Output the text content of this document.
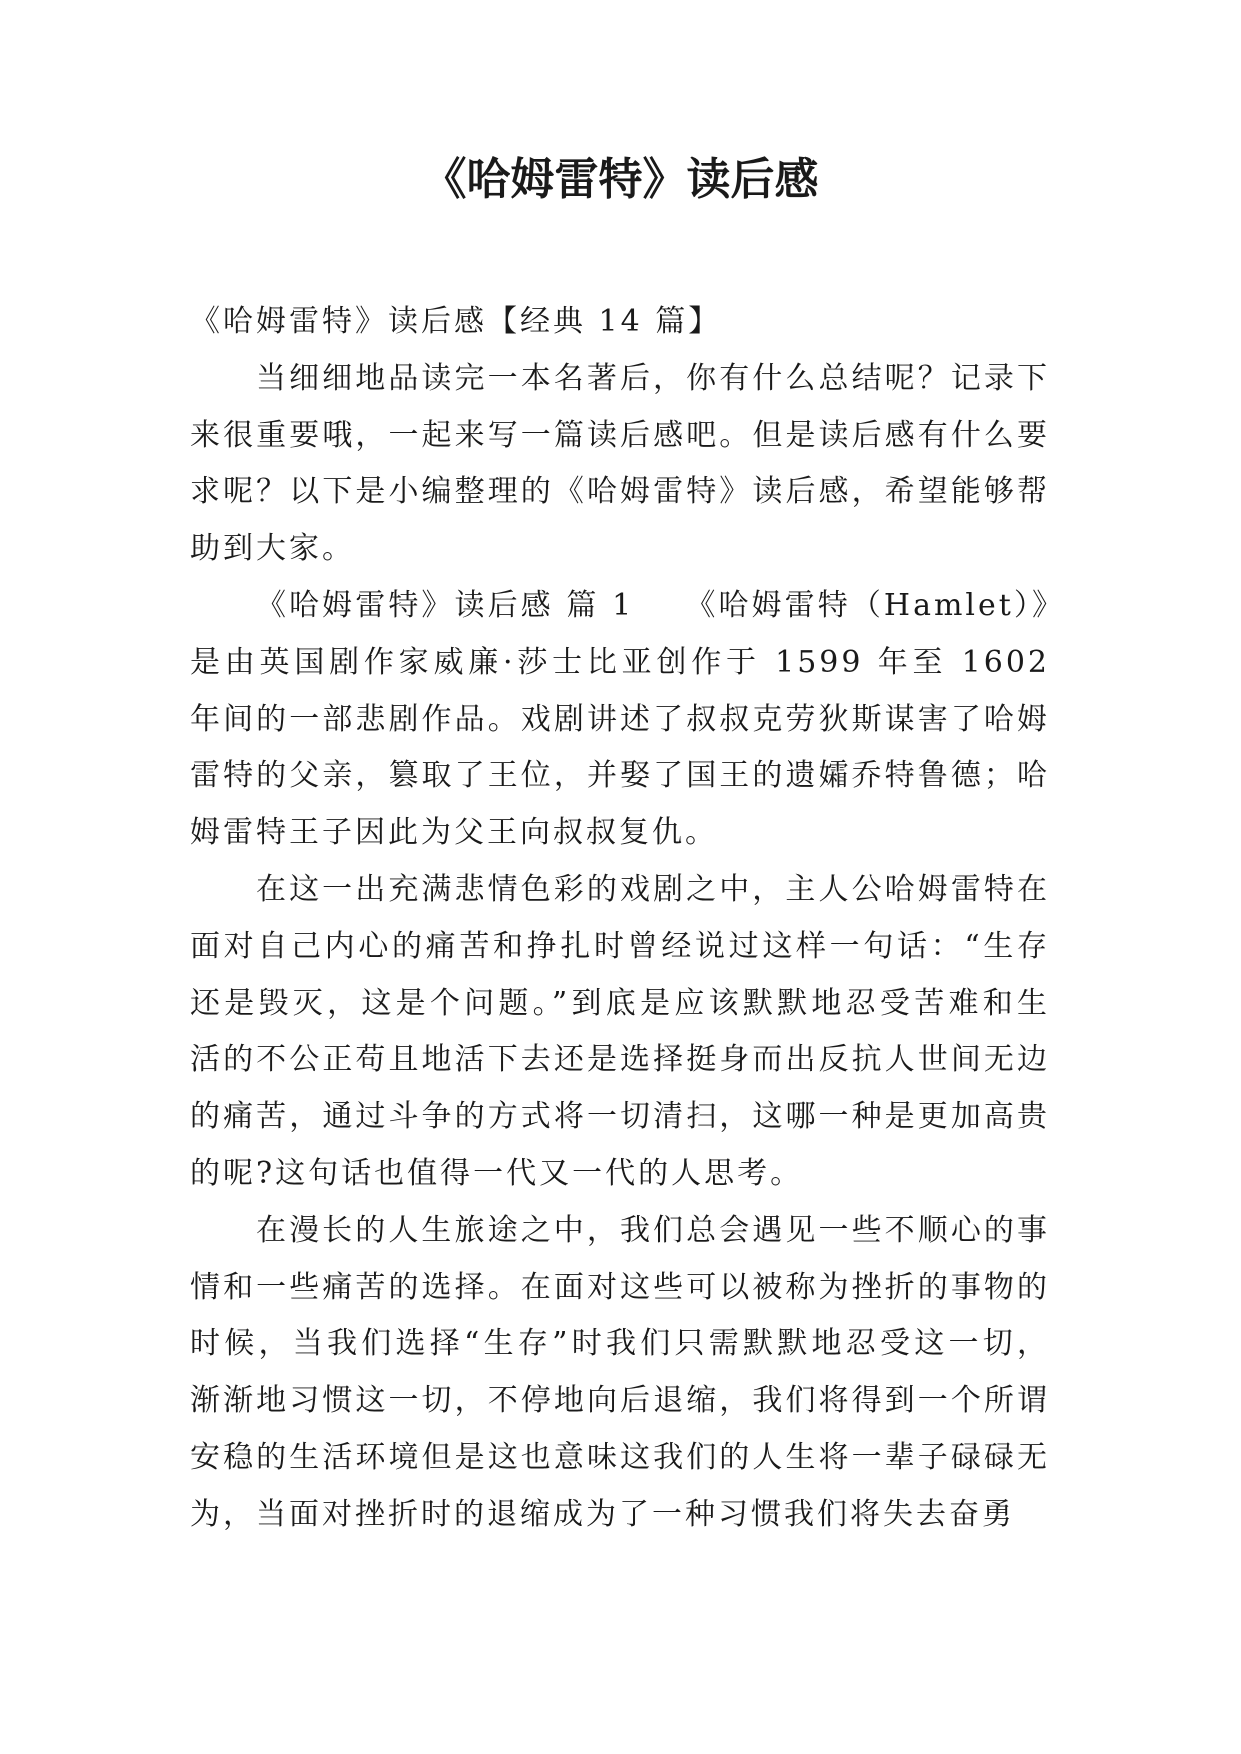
《哈姆雷特》读后感

《哈姆雷特》读后感【经典 14 篇】

当细细地品读完一本名著后，你有什么总结呢？记录下来很重要哦，一起来写一篇读后感吧。但是读后感有什么要求呢？以下是小编整理的《哈姆雷特》读后感，希望能够帮助到大家。

《哈姆雷特》读后感 篇 1　　《哈姆雷特（Hamlet）》是由英国剧作家威廉·莎士比亚创作于 1599 年至 1602 年间的一部悲剧作品。戏剧讲述了叔叔克劳狄斯谋害了哈姆雷特的父亲，篡取了王位，并娶了国王的遗孀乔特鲁德；哈姆雷特王子因此为父王向叔叔复仇。

在这一出充满悲情色彩的戏剧之中，主人公哈姆雷特在面对自己内心的痛苦和挣扎时曾经说过这样一句话：“生存还是毁灭，这是个问题。”到底是应该默默地忍受苦难和生活的不公正苟且地活下去还是选择挺身而出反抗人世间无边的痛苦，通过斗争的方式将一切清扫，这哪一种是更加高贵的呢?这句话也值得一代又一代的人思考。

在漫长的人生旅途之中，我们总会遇见一些不顺心的事情和一些痛苦的选择。在面对这些可以被称为挫折的事物的时候，当我们选择“生存”时我们只需默默地忍受这一切，渐渐地习惯这一切，不停地向后退缩，我们将得到一个所谓安稳的生活环境但是这也意味这我们的人生将一辈子碌碌无为，当面对挫折时的退缩成为了一种习惯我们将失去奋勇
